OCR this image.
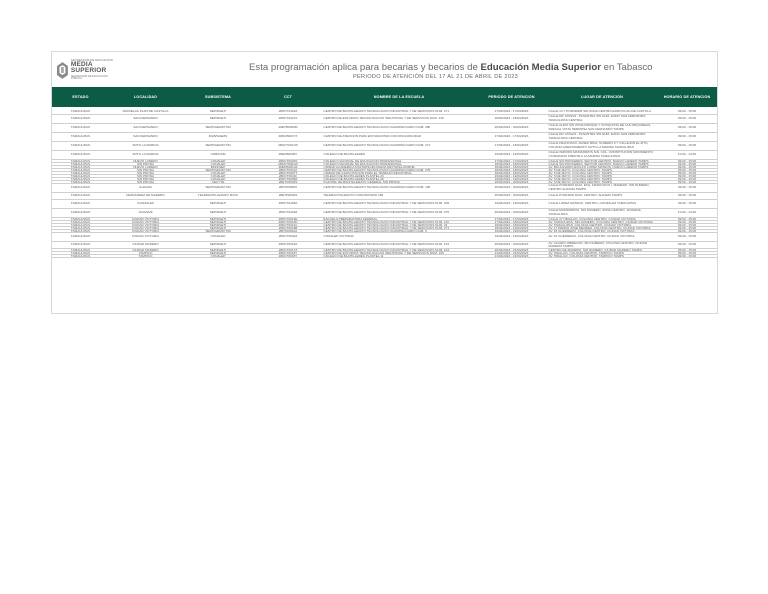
SECRETARÍA DE EDUCACIÓN
MEDIA
SUPERIOR
SECRETARÍA DE EDUCACIÓN PÚBLICA
Esta programación aplica para becarias y becarios de Educación Media Superior en Tabasco
PERIODO DE ATENCIÓN DEL 17 AL 21 DE ABRIL DE 2023
ESTADO	LOCALIDAD	SUBSISTEMA	CCT	NOMBRE DE LA ESCUELA	PERIODO DE ATENCIÓN	LUGAR DE ATENCIÓN	HORARIO DE ATENCIÓN
TAMAULIPAS	PARCELAS PLAN DE CASTILLA	SEP/DGETI	28DCT0422Z	CENTRO DE BACHILLERATO TECNOLÓGICO INDUSTRIAL Y DE SERVICIOS NÚM. 271	17/04/2023 - 17/04/2023	CALLE 14 Y PORVENIR SIN ZONA CENTRO EJIDO PLAN DE CASTILLA	09:00 - 15:00
TAMAULIPAS	SAN FERNANDO	SEP/DGETI	28DCT0427X	CENTRO DE ESTUDIOS TECNOLÓGICOS INDUSTRIAL Y DE SERVICIOS NÚM. 139	18/04/2023 - 18/04/2023	CALLE DR. ROSAS - PASANTES SIN NÚM. EJIDO SAN FERNANDO TAMAULIPAS CENTRAL	09:00 - 15:00
TAMAULIPAS	SAN FERNANDO	SEP/DGEMSYCM	28ETB0030M	CENTRO DE BACHILLERATO TECNOLÓGICO AGROPECUARIO NÚM. 280	20/04/2023 - 20/04/2023	CALLE ALDÍO S/N ZONA PARQUE Y CONQUISTA DE LAS ORQUÍDEAS, SPECIAL VISTA HERMOSA SAN FERNANDO TAMPS	09:00 - 15:00
TAMAULIPAS	SAN FERNANDO	DGB/SAEMS	28DCB0017X	CENTRO DE ATENCIÓN PARA ESTUDIANTES CON DISCAPACIDAD	17/04/2023 - 17/04/2023	CALLE DR. ROSAS - PASANTES SIN NÚM. EJIDO SAN FERNANDO TAMAULIPAS CENTRAL	09:00 - 15:00
TAMAULIPAS	SOTO LA MARINA	SEP/DGEMSYCM	28DCT0427W	CENTRO DE BACHILLERATO TECNOLÓGICO AGROPECUARIO NÚM. 271	17/04/2023 - 18/04/2023	CALLE FRANCISCO JAVIER MINA, NÚMERO 9 Y CALLEJÓN EL ZITO, COLONIA ASENTAMIENTO SOTO LA MARINA TAMAULIPAS	09:00 - 15:00
TAMAULIPAS	SOTO LA MARINA	COBATAM	28ECB0006Y	COLEGIO DE BACHILLERES	19/04/2023 - 19/04/2023	CALLE ISIDORO MATAMOROS S/N, COL. CONSTITUCIÓN MOVIMIENTO CIUDADANO FRENTE A LA MARINA TAMAULIPAS	10:00 - 14:00
TAMAULIPAS	NUEVO LAREDO	CONALEP	28DCT0020X	COLEGIO NACIONAL DE EDUCACIÓN PROFESIONAL	17/04/2023 - 17/04/2023	CALLE SIN PRÓCERES, SECTOR CENTRO, NUEVO LAREDO TAMPS	09:00 - 15:00
TAMAULIPAS	SIN PRONA	CONALEP	28DCT0021W	COLEGIO NACIONAL DE EDUCACIÓN PROFESIONAL	18/04/2023 - 18/04/2023	CALLE SIN PRÓCERES, SECTOR CENTRO, NUEVO LAREDO TAMPS	09:00 - 15:00
TAMAULIPAS	NUEVO LAREDO	IMSS/SEP	28EMS0010A	UNIDAD ACADÉMICA MULTIDISCIPLINARIA REYNOSA-RODHE	18/04/2023 - 18/04/2023	AV. BOULEVARD ADOLFO LÓPEZ MATEOS, NUEVO LAREDO TAMPS	09:00 - 15:00
TAMAULIPAS	SIN PRONA	SEP/DGEMSYCM	28DCT0311A	CENTRO DE BACHILLERATO TECNOLÓGICO AGROPECUARIO NÚM. 275	18/04/2023 - 18/04/2023	AV. 5 DE MAYO, COLONIA CENTRO, TAMPS	09:00 - 15:00
TAMAULIPAS	SIN PRONA	CONALEP	28DCT0007T	UNIDAD DE CAPACITACIÓN PARA EL TRABAJO INDUSTRIAL	18/04/2023 - 18/04/2023	AV. 5 DE MAYO, COLONIA CENTRO, TAMPS	09:00 - 15:00
TAMAULIPAS	SIN PRONA	CONALEP	28DCT0011F	COLEGIO DE BACHILLERES PLANTEL 23	19/04/2023 - 19/04/2023	AV. 5 DE MAYO, COLONIA CENTRO, TAMPS	09:00 - 15:00
TAMAULIPAS	SIN PRONA	CONALEP	28DCT0009R	COLEGIO DE BACHILLERES PLANTEL 26	19/04/2023 - 19/04/2023	AV. 5 DE MAYO, COLONIA CENTRO, TAMPS	09:00 - 15:00
TAMAULIPAS	SIN PRONA	CECYTE	28ETC0003S	PLANTEL DE BACHILLERATO GENERAL SIN PRONA	20/04/2023 - 20/04/2023	AV. 5 DE MAYO, COLONIA CENTRO, TAMPS	09:00 - 15:00
TAMAULIPAS	ALDAMA	SEP/DGEMSYCM	28DTA0066X	CENTRO DE BACHILLERATO TECNOLÓGICO AGROPECUARIO NÚM. 196	20/04/2023 - 20/04/2023	CALLE PORFIRIO DÍAZ, ESQ. FRANCISCO I. MADERO, SIN NÚMERO, CENTRO ALDAMA TAMPS	09:00 - 15:00
TAMAULIPAS	FERNÁNDEZ DE MADERO	TELEBACHILLERATO MAYA	28ETH0004S	TELEBACHILLERATO COMUNITARIO 168	20/04/2023 - 20/04/2023	CALLE PORFIRIO DÍAZ, CENTRO, ALDAMA TAMPS	09:00 - 15:00
TAMAULIPAS	GONZÁLEZ	SEP/DGETI	28DCT0428A	CENTRO DE BACHILLERATO TECNOLÓGICO INDUSTRIAL Y DE SERVICIOS NÚM. 209	19/04/2023 - 19/04/2023	CALLE LÓPEZ MATEOS, CENTRO, GONZÁLEZ TAMAULIPAS	09:00 - 15:00
TAMAULIPAS	JAUMAVE	SEP/DGETI	28DCT0429Z	CENTRO DE BACHILLERATO TECNOLÓGICO INDUSTRIAL Y DE SERVICIOS NÚM. 270	20/04/2023 - 20/04/2023	CALLE MATAMOROS, SIN NÚMERO, ZONA CENTRO, JAUMAVE, TAMAULIPAS	10:00 - 14:00
TAMAULIPAS	CIUDAD VICTORIA	SEP/DGETI	28DCT0012E	ESCUELA PREPARATORIA FEDERAL	17/04/2023 - 17/04/2023	CALLE 17 HIDALGO, COLONIA CENTRO, CIUDAD VICTORIA	09:00 - 15:00
TAMAULIPAS	CIUDAD VICTORIA	SEP/DGETI	28DCT0013D	CENTRO DE BACHILLERATO TECNOLÓGICO INDUSTRIAL Y DE SERVICIOS NÚM. 119	17/04/2023 - 18/04/2023	AV. TAMAULIPAS, SIN NÚMERO, COLONIA CENTRO, CIUDAD VICTORIA	09:00 - 15:00
TAMAULIPAS	CIUDAD VICTORIA	SEP/DGETI	28DCT0014C	CENTRO DE BACHILLERATO TECNOLÓGICO INDUSTRIAL Y DE SERVICIOS NÚM. 24	18/04/2023 - 18/04/2023	AV. TAMAULIPAS, COLONIA CENTRO, CIUDAD VICTORIA	09:00 - 15:00
TAMAULIPAS	CIUDAD VICTORIA	SEP/DGETI	28DCT0015B	CENTRO DE BACHILLERATO TECNOLÓGICO INDUSTRIAL Y DE SERVICIOS NÚM. 271	18/04/2023 - 19/04/2023	AV. 17 PEDRO JOSÉ MÉNDEZ, COLONIA CENTRO, CIUDAD VICTORIA	09:00 - 15:00
TAMAULIPAS	CIUDAD VICTORIA	SEP/DGEMSYCM	28DTA0022A	CENTRO DE BACHILLERATO TECNOLÓGICO AGROPECUARIO NÚM. 9	19/04/2023 - 19/04/2023	AV. 16 GUERRERO, COLONIA CENTRO, CIUDAD VICTORIA	09:00 - 15:00
TAMAULIPAS	CIUDAD VICTORIA	CONALEP	28DCT0002Z	CONALEP VICTORIA	19/04/2023 - 19/04/2023	AV. 16 GUERRERO, COLONIA CENTRO, CIUDAD VICTORIA	09:00 - 15:00
TAMAULIPAS	CIUDAD MADERO	SEP/DGETI	28DCT0016A	CENTRO DE BACHILLERATO TECNOLÓGICO INDUSTRIAL Y DE SERVICIOS NÚM. 164	20/04/2023 - 20/04/2023	AV. ÁLVARO OBREGÓN, SIN NÚMERO, COLONIA CENTRO, CIUDAD MADERO TAMPS	09:00 - 15:00
TAMAULIPAS	CIUDAD MADERO	SEP/DGETI	28DCT0017Z	CENTRO DE BACHILLERATO TECNOLÓGICO INDUSTRIAL Y DE SERVICIOS NÚM. 103	20/04/2023 - 21/04/2023	CENTRO DE MADERO, SIN NÚMERO, CIUDAD MADERO TAMPS	09:00 - 15:00
TAMAULIPAS	TAMPICO	SEP/DGETI	28DCT0018Y	CENTRO DE ESTUDIOS TECNOLÓGICOS INDUSTRIAL Y DE SERVICIOS NÚM. 105	21/04/2023 - 21/04/2023	AV. HIDALGO, COLONIA CENTRO, TAMPICO TAMPS	09:00 - 15:00
TAMAULIPAS	TAMPICO	CONALEP	28DCT0003Y	COLEGIO DE BACHILLERES PLANTEL 11	21/04/2023 - 21/04/2023	AV. HIDALGO, COLONIA CENTRO, TAMPICO TAMPS	09:00 - 15:00
